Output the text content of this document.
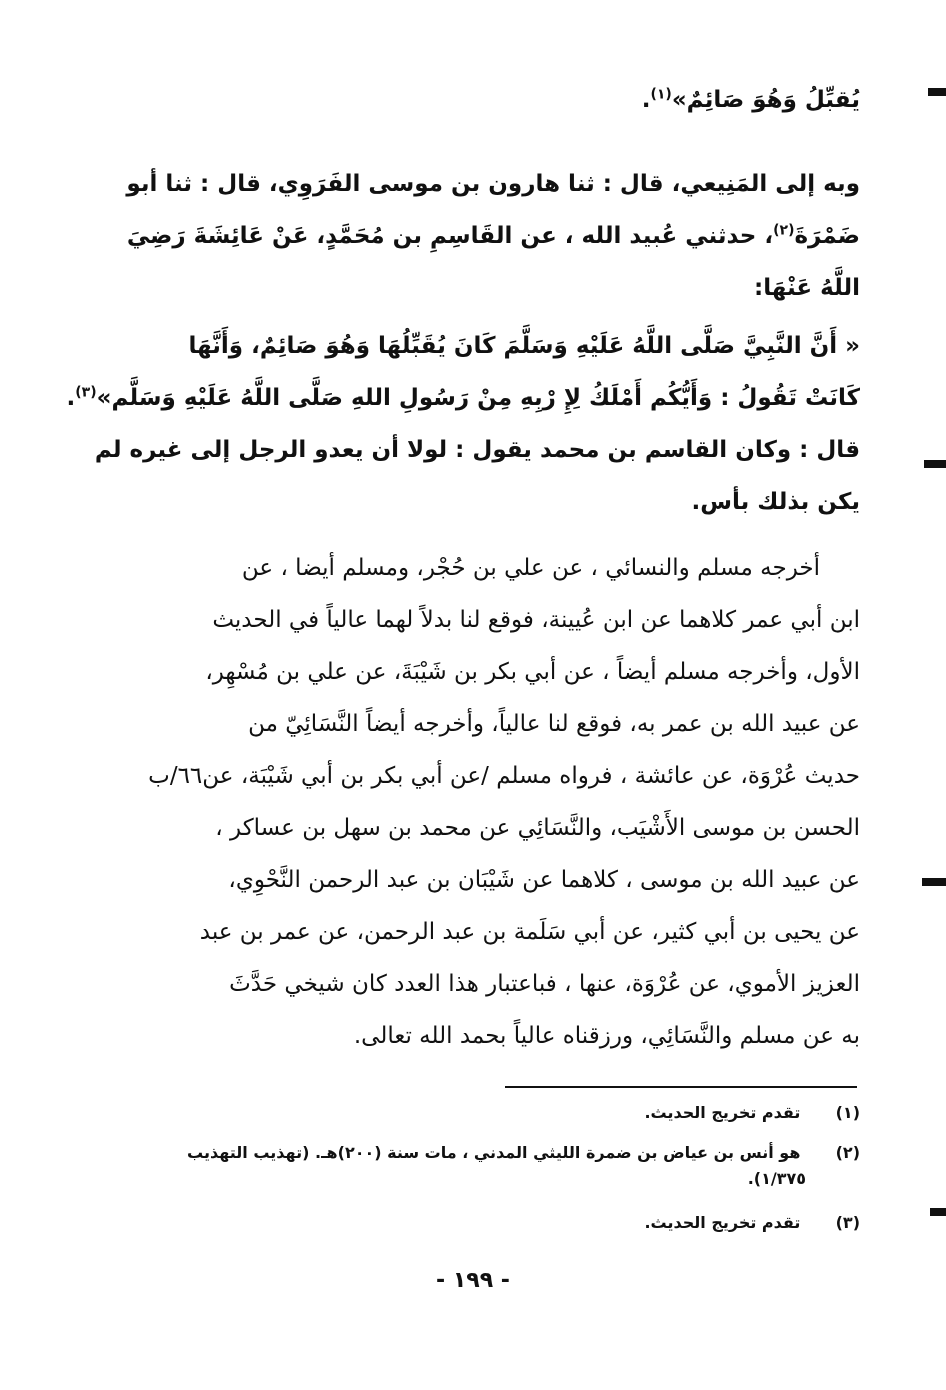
يُقبِّلُ وَهُوَ صَائِمٌ»$^{(١)}$.
وبه إلى المَنِيعي، قال : ثنا هارون بن موسى الفَرَوِي، قال : ثنا أبو
ضَمْرَةَ$^{(٢)}$، حدثني عُبيد الله ، عن القَاسِمِ بن مُحَمَّدٍ، عَنْ عَائِشَةَ رَضِيَ
اللَّهُ عَنْهَا:
« أَنَّ النَّبِيَّ صَلَّى اللَّهُ عَلَيْهِ وَسَلَّمَ كَانَ يُقَبِّلُهَا وَهُوَ صَائِمٌ، وَأَنَّهَا
كَانَتْ تَقُولُ : وَأَيُّكُم أَمْلَكُ لِإِ رْبِهِ مِنْ رَسُولِ اللهِ صَلَّى اللَّهُ عَلَيْهِ وَسَلَّم»$^{(٣)}$.
قال : وكان القاسم بن محمد يقول : لولا أن يعدو الرجل إلى غيره لم
يكن بذلك بأس.
أخرجه مسلم والنسائي ، عن علي بن حُجْر، ومسلم أيضا ، عن
ابن أبي عمر كلاهما عن ابن عُيينة، فوقع لنا بدلاً لهما عالياً في الحديث
الأول، وأخرجه مسلم أيضاً ، عن أبي بكر بن شَيْبَةَ، عن علي بن مُسْهِر،
عن عبيد الله بن عمر به، فوقع لنا عالياً، وأخرجه أيضاً النَّسَائِيّ من
حديث عُرْوَة، عن عائشة ، فرواه مسلم /عن أبي بكر بن أبي شَيْبَة، عن٦٦/ب
الحسن بن موسى الأَشْيَب، والنَّسَائِي عن محمد بن سهل بن عساكر ،
عن عبيد الله بن موسى ، كلاهما عن شَيْبَان بن عبد الرحمن النَّحْوِي،
عن يحيى بن أبي كثير، عن أبي سَلَمة بن عبد الرحمن، عن عمر بن عبد
العزيز الأموي، عن عُرْوَة، عنها ، فباعتبار هذا العدد كان شيخي حَدَّثَ
به عن مسلم والنَّسَائِي، ورزقناه عالياً بحمد الله تعالى.
(١) تقدم تخريج الحديث.
(٢) هو أنس بن عياض بن ضمرة الليثي المدني ، مات سنة (٢٠٠)هـ. (تهذيب التهذيب
١/٣٧٥).
(٣) تقدم تخريج الحديث.
- ١٩٩ -
